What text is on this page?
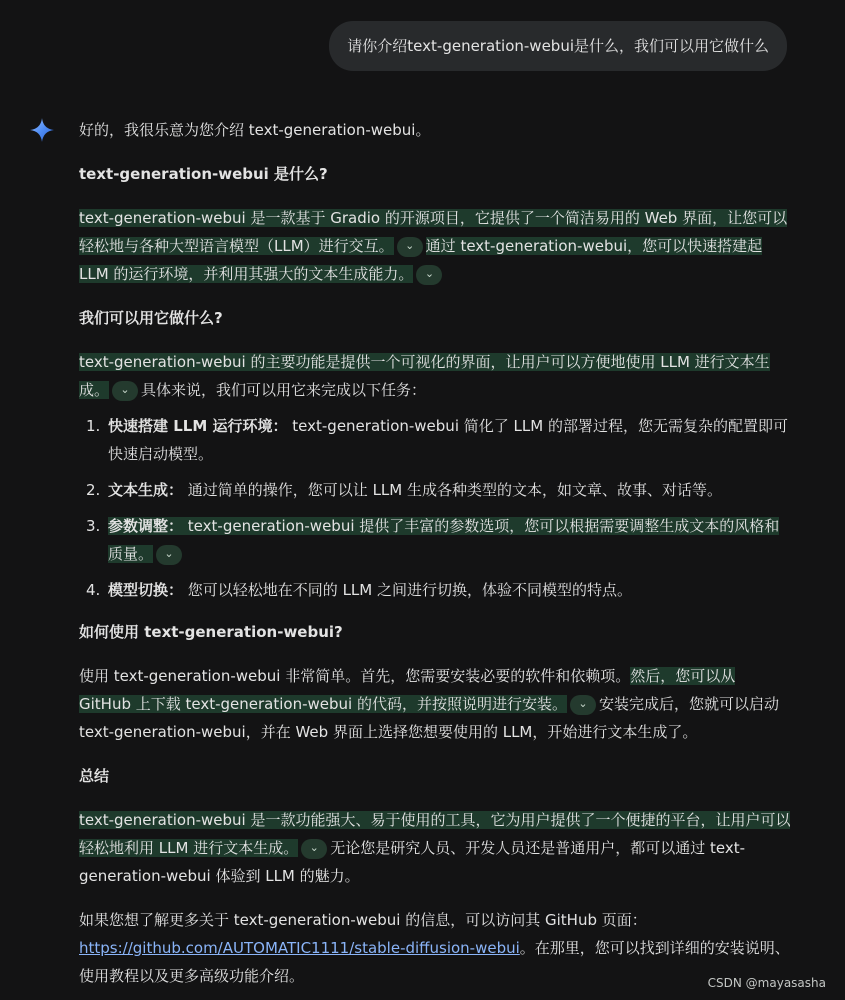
请你介绍text-generation-webui是什么，我们可以用它做什么

好的，我很乐意为您介绍 text-generation-webui。

text-generation-webui 是什么?

text-generation-webui 是一款基于 Gradio 的开源项目，它提供了一个简洁易用的 Web 界面，让您可以轻松地与各种大型语言模型（LLM）进行交互。 ⌄ 通过 text-generation-webui，您可以快速搭建起 LLM 的运行环境，并利用其强大的文本生成能力。 ⌄

我们可以用它做什么?

text-generation-webui 的主要功能是提供一个可视化的界面，让用户可以方便地使用 LLM 进行文本生成。 ⌄ 具体来说，我们可以用它来完成以下任务：

1. 快速搭建 LLM 运行环境： text-generation-webui 简化了 LLM 的部署过程，您无需复杂的配置即可快速启动模型。
2. 文本生成： 通过简单的操作，您可以让 LLM 生成各种类型的文本，如文章、故事、对话等。
3. 参数调整： text-generation-webui 提供了丰富的参数选项，您可以根据需要调整生成文本的风格和质量。 ⌄
4. 模型切换： 您可以轻松地在不同的 LLM 之间进行切换，体验不同模型的特点。

如何使用 text-generation-webui?

使用 text-generation-webui 非常简单。首先，您需要安装必要的软件和依赖项。然后，您可以从 GitHub 上下载 text-generation-webui 的代码，并按照说明进行安装。 ⌄ 安装完成后，您就可以启动 text-generation-webui，并在 Web 界面上选择您想要使用的 LLM，开始进行文本生成了。

总结

text-generation-webui 是一款功能强大、易于使用的工具，它为用户提供了一个便捷的平台，让用户可以轻松地利用 LLM 进行文本生成。 ⌄ 无论您是研究人员、开发人员还是普通用户，都可以通过 text-generation-webui 体验到 LLM 的魅力。

如果您想了解更多关于 text-generation-webui 的信息，可以访问其 GitHub 页面：https://github.com/AUTOMATIC1111/stable-diffusion-webui。在那里，您可以找到详细的安装说明、使用教程以及更多高级功能介绍。	CSDN @mayasasha
